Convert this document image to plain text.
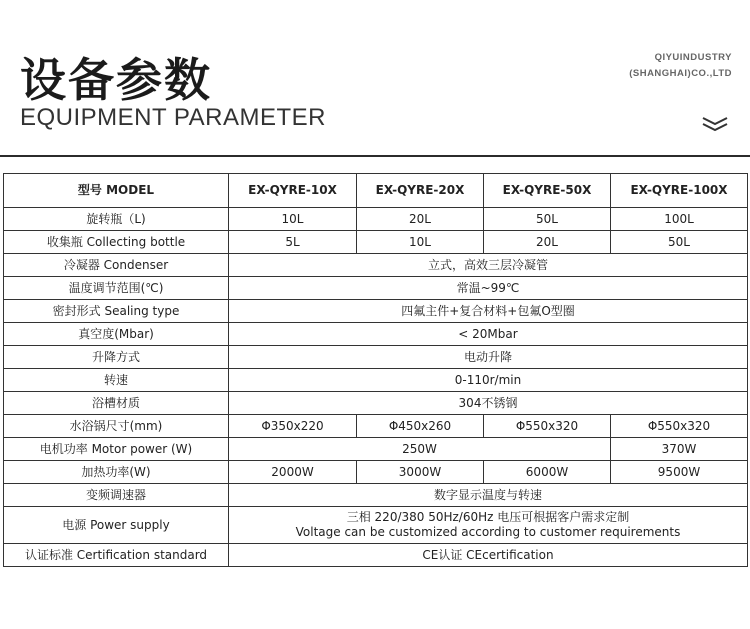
设备参数
EQUIPMENT PARAMETER
QIYUINDUSTRY
(SHANGHAI)CO.,LTD
型号 MODEL	EX-QYRE-10X	EX-QYRE-20X	EX-QYRE-50X	EX-QYRE-100X
旋转瓶（L)	10L	20L	50L	100L
收集瓶 Collecting bottle	5L	10L	20L	50L
冷凝器 Condenser	立式，高效三层冷凝管			
温度调节范围(℃)	常温~99℃			
密封形式 Sealing type	四氟主件+复合材料+包氟O型圈			
真空度(Mbar)	< 20Mbar			
升降方式	电动升降			
转速	0-110r/min			
浴槽材质	304不锈钢			
水浴锅尺寸(mm)	Φ350x220	Φ450x260	Φ550x320	Φ550x320
电机功率 Motor power (W)	250W			370W
加热功率(W)	2000W	3000W	6000W	9500W
变频调速器	数字显示温度与转速			
电源 Power supply	三相 220/380 50Hz/60Hz 电压可根据客户需求定制
Voltage can be customized according to customer requirements			

认证标准 Certification standard	CE认证 CEcertification			
